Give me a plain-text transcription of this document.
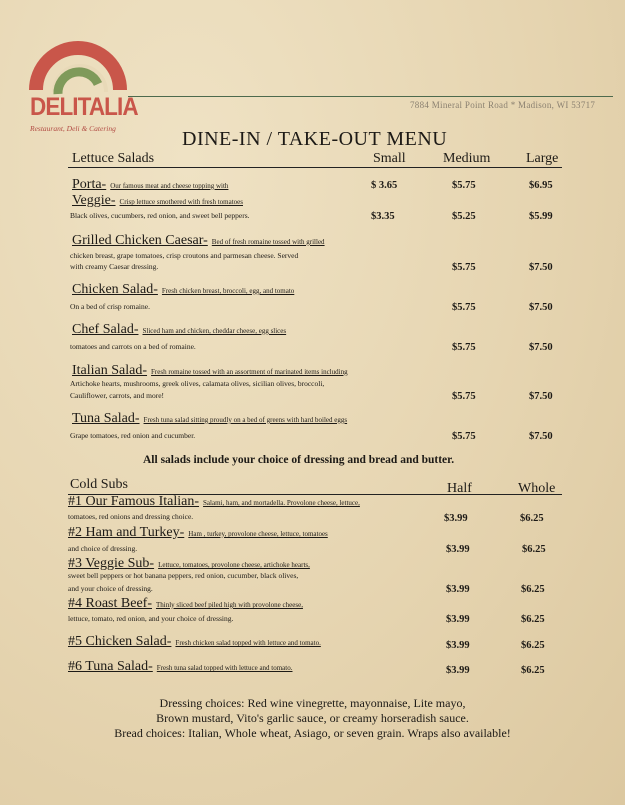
DELITALIA
Restaurant, Deli & Catering
7884 Mineral Point Road * Madison, WI 53717
DINE-IN / TAKE-OUT MENU
Lettuce Salads	Small	Medium	Large
Porta- Our famous meat and cheese topping with	$ 3.65	$5.75	$6.95
Veggie- Crisp lettuce smothered with fresh tomatoes
Black olives, cucumbers, red onion, and sweet bell peppers.	$3.35	$5.25	$5.99
Grilled Chicken Caesar- Bed of fresh romaine tossed with grilled
chicken breast, grape tomatoes, crisp croutons and parmesan cheese. Served
with creamy Caesar dressing.	$5.75	$7.50
Chicken Salad- Fresh chicken breast, broccoli, egg, and tomato
On a bed of crisp romaine.	$5.75	$7.50
Chef Salad- Sliced ham and chicken, cheddar cheese, egg slices
tomatoes and carrots on a bed of romaine.	$5.75	$7.50
Italian Salad- Fresh romaine tossed with an assortment of marinated items including
Artichoke hearts, mushrooms, greek olives, calamata olives, sicilian olives, broccoli,
Cauliflower, carrots, and more!	$5.75	$7.50
Tuna Salad- Fresh tuna salad sitting proudly on a bed of greens with hard boiled eggs
Grape tomatoes, red onion and cucumber.	$5.75	$7.50
All salads include your choice of dressing and bread and butter.
Cold Subs	Half	Whole
#1 Our Famous Italian- Salami, ham, and mortadella. Provolone cheese, lettuce,
tomatoes, red onions and dressing choice.	$3.99	$6.25
#2 Ham and Turkey- Ham , turkey, provolone cheese, lettuce, tomatoes
and choice of dressing.	$3.99	$6.25
#3 Veggie Sub- Lettuce, tomatoes, provolone cheese, artichoke hearts,
sweet bell peppers or hot banana peppers, red onion, cucumber, black olives,
and your choice of dressing.	$3.99	$6.25
#4 Roast Beef- Thinly sliced beef piled high with provolone cheese,
lettuce, tomato, red onion, and your choice of dressing.	$3.99	$6.25
#5 Chicken Salad- Fresh chicken salad topped with lettuce and tomato.	$3.99	$6.25
#6 Tuna Salad- Fresh tuna salad topped with lettuce and tomato.	$3.99	$6.25
Dressing choices: Red wine vinegrette, mayonnaise, Lite mayo,
Brown mustard, Vito's garlic sauce, or creamy horseradish sauce.
Bread choices: Italian, Whole wheat, Asiago, or seven grain. Wraps also available!
